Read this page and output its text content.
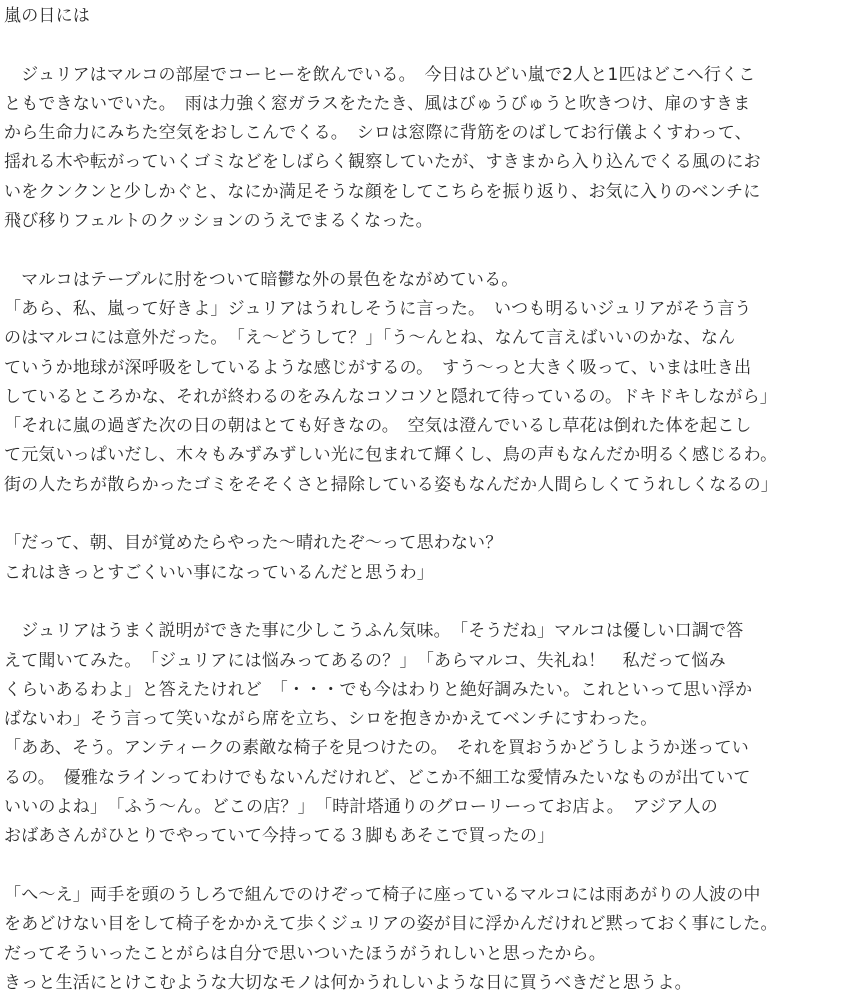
嵐の日には
　ジュリアはマルコの部屋でコーヒーを飲んでいる。　今日はひどい嵐で2人と1匹はどこへ行くこ
ともできないでいた。　雨は力強く窓ガラスをたたき、風はびゅうびゅうと吹きつけ、扉のすきま
から生命力にみちた空気をおしこんでくる。　シロは窓際に背筋をのばしてお行儀よくすわって、
揺れる木や転がっていくゴミなどをしばらく観察していたが、すきまから入り込んでくる風のにお
いをクンクンと少しかぐと、なにか満足そうな顔をしてこちらを振り返り、お気に入りのベンチに
飛び移りフェルトのクッションのうえでまるくなった。
　マルコはテーブルに肘をついて暗鬱な外の景色をながめている。
「あら、私、嵐って好きよ」ジュリアはうれしそうに言った。　いつも明るいジュリアがそう言う
のはマルコには意外だった。　「え〜どうして？」「う〜んとね、なんて言えばいいのかな、なん
ていうか地球が深呼吸をしているような感じがするの。　すう〜っと大きく吸って、いまは吐き出
しているところかな、それが終わるのをみんなコソコソと隠れて待っているの。ドキドキしながら」
「それに嵐の過ぎた次の日の朝はとても好きなの。　空気は澄んでいるし草花は倒れた体を起こし
て元気いっぱいだし、木々もみずみずしい光に包まれて輝くし、鳥の声もなんだか明るく感じるわ。
街の人たちが散らかったゴミをそそくさと掃除している姿もなんだか人間らしくてうれしくなるの」
「だって、朝、目が覚めたらやった〜晴れたぞ〜って思わない？
これはきっとすごくいい事になっているんだと思うわ」
　ジュリアはうまく説明ができた事に少しこうふん気味。　「そうだね」マルコは優しい口調で答
えて聞いてみた。　「ジュリアには悩みってあるの？」　「あらマルコ、失礼ね！　私だって悩み
くらいあるわよ」と答えたけれど　「・・・でも今はわりと絶好調みたい。これといって思い浮か
ばないわ」そう言って笑いながら席を立ち、シロを抱きかかえてベンチにすわった。
「ああ、そう。アンティークの素敵な椅子を見つけたの。　それを買おうかどうしようか迷ってい
るの。　優雅なラインってわけでもないんだけれど、どこか不細工な愛情みたいなものが出ていて
いいのよね」　「ふう〜ん。どこの店？」　「時計塔通りのグローリーってお店よ。　アジア人の
おばあさんがひとりでやっていて今持ってる３脚もあそこで買ったの」
「へ〜え」両手を頭のうしろで組んでのけぞって椅子に座っているマルコには雨あがりの人波の中
をあどけない目をして椅子をかかえて歩くジュリアの姿が目に浮かんだけれど黙っておく事にした。
だってそういったことがらは自分で思いついたほうがうれしいと思ったから。
きっと生活にとけこむような大切なモノは何かうれしいような日に買うべきだと思うよ。
